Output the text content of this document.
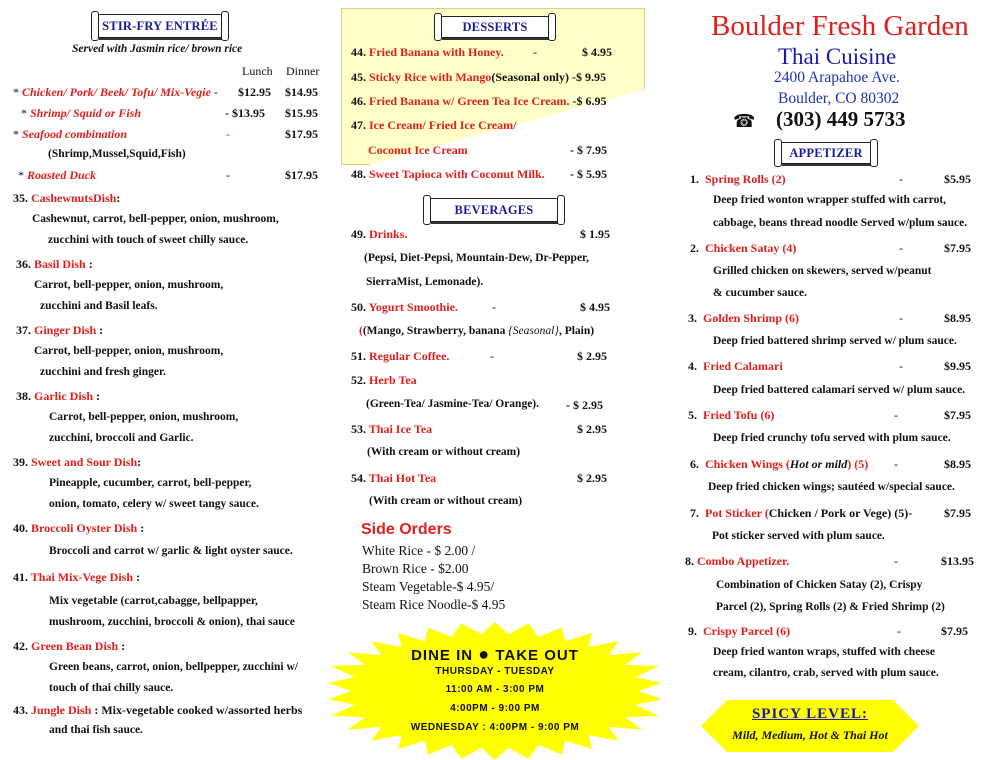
STIR-FRY ENTRÉE
Served with Jasmin rice/ brown rice
Lunch Dinner
* Chicken/ Pork/ Beek/ Tofu/ Mix-Vegie - $12.95 $14.95
* Shrimp/ Squid or Fish	- $13.95 $15.95
* Seafood combination	-	$17.95
(Shrimp,Mussel,Squid,Fish)
* Roasted Duck	-	$17.95
35. CashewnutsDish:
Cashewnut, carrot, bell-pepper, onion, mushroom,
zucchini with touch of sweet chilly sauce.
36. Basil Dish :
Carrot, bell-pepper, onion, mushroom,
zucchini and Basil leafs.
37. Ginger Dish :
Carrot, bell-pepper, onion, mushroom,
zucchini and fresh ginger.
38. Garlic Dish :
Carrot, bell-pepper, onion, mushroom,
zucchini, broccoli and Garlic.
39. Sweet and Sour Dish:
Pineapple, cucumber, carrot, bell-pepper,
onion, tomato, celery w/ sweet tangy sauce.
40. Broccoli Oyster Dish :
Broccoli and carrot w/ garlic & light oyster sauce.
41. Thai Mix-Vege Dish :
Mix vegetable (carrot,cabagge, bellpapper,
mushroom, zucchini, broccoli & onion), thai sauce
42. Green Bean Dish :
Green beans, carrot, onion, bellpepper, zucchini w/
touch of thai chilly sauce.
43. Jungle Dish : Mix-vegetable cooked w/assorted herbs
and thai fish sauce.
DESSERTS
44. Fried Banana with Honey. -	$ 4.95
45. Sticky Rice with Mango(Seasonal only) -$ 9.95
46. Fried Banana w/ Green Tea Ice Cream. -$ 6.95
47. Ice Cream/ Fried Ice Cream/
Coconut Ice Cream	- $ 7.95
48. Sweet Tapioca with Coconut Milk. - $ 5.95
BEVERAGES
49. Drinks.	$ 1.95
(Pepsi, Diet-Pepsi, Mountain-Dew, Dr-Pepper,
SierraMist, Lemonade).
50. Yogurt Smoothie.	-	$ 4.95
((Mango, Strawberry, banana {Seasonal}, Plain)
51. Regular Coffee.	-	$ 2.95
52. Herb Tea
(Green-Tea/ Jasmine-Tea/ Orange). - $ 2.95
53. Thai Ice Tea	$ 2.95
(With cream or without cream)
54. Thai Hot Tea	$ 2.95
(With cream or without cream)
Side Orders
White Rice - $ 2.00 /
Brown Rice - $2.00
Steam Vegetable-$ 4.95/
Steam Rice Noodle-$ 4.95
DINE IN ● TAKE OUT
THURSDAY - TUESDAY
11:00 AM - 3:00 PM
4:00PM - 9:00 PM
WEDNESDAY : 4:00PM - 9:00 PM
Boulder Fresh Garden
Thai Cuisine
2400 Arapahoe Ave.
Boulder, CO 80302
☎ (303) 449 5733
APPETIZER
1. Spring Rolls (2)	-	$5.95
Deep fried wonton wrapper stuffed with carrot,
cabbage, beans thread noodle Served w/plum sauce.
2. Chicken Satay (4)	-	$7.95
Grilled chicken on skewers, served w/peanut
& cucumber sauce.
3. Golden Shrimp (6)	-	$8.95
Deep fried battered shrimp served w/ plum sauce.
4. Fried Calamari	-	$9.95
Deep fried battered calamari served w/ plum sauce.
5. Fried Tofu (6)	-	$7.95
Deep fried crunchy tofu served with plum sauce.
6. Chicken Wings (Hot or mild) (5) -	$8.95
Deep fried chicken wings; sautéed w/special sauce.
7. Pot Sticker (Chicken / Pork or Vege) (5)-	$7.95
Pot sticker served with plum sauce.
8. Combo Appetizer.	-	$13.95
Combination of Chicken Satay (2), Crispy
Parcel (2), Spring Rolls (2) & Fried Shrimp (2)
9. Crispy Parcel (6)	-	$7.95
Deep fried wanton wraps, stuffed with cheese
cream, cilantro, crab, served with plum sauce.
SPICY LEVEL:
Mild, Medium, Hot & Thai Hot
